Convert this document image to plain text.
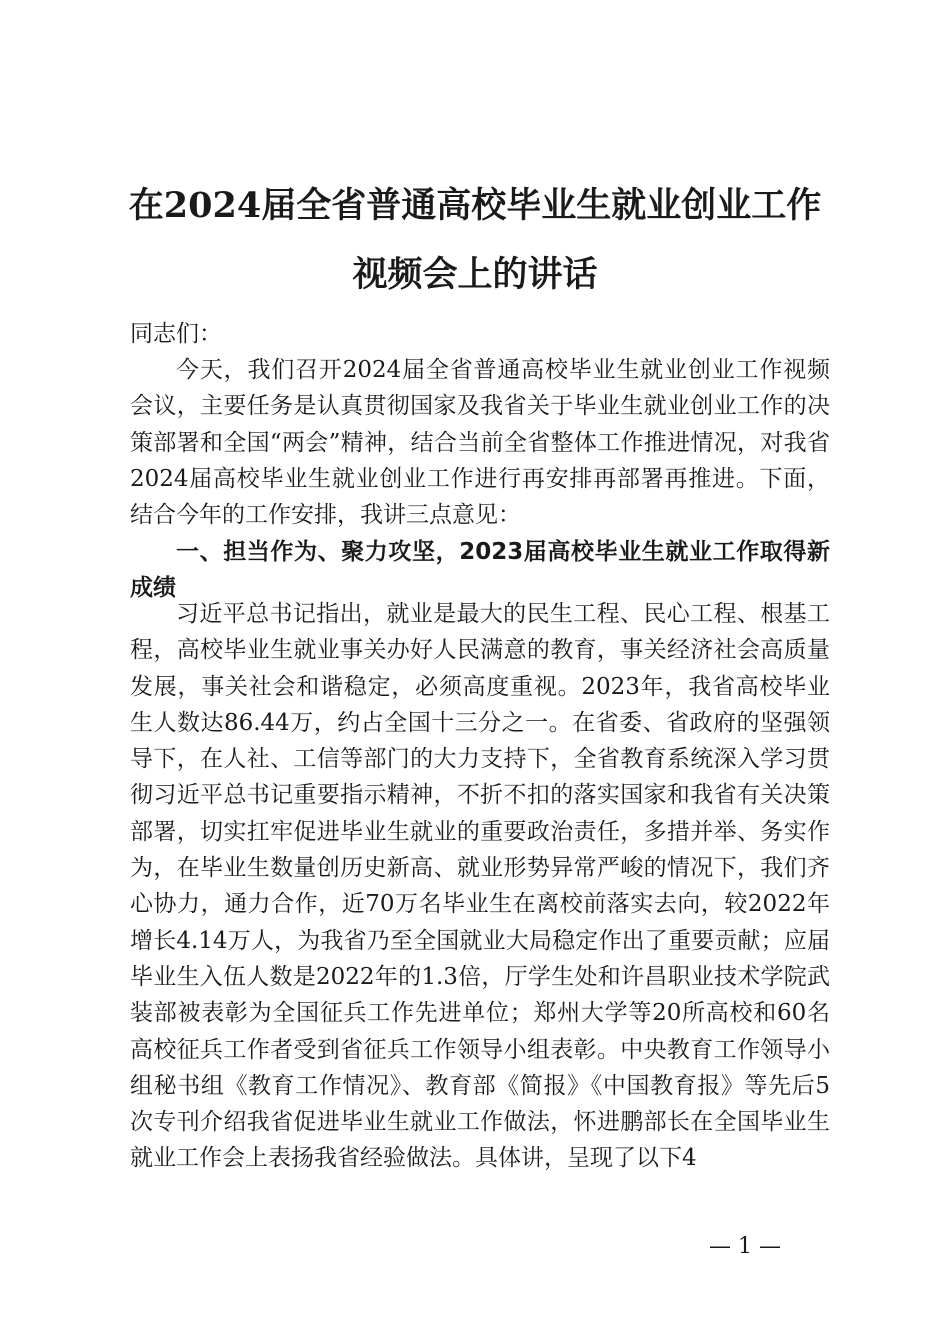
在2024届全省普通高校毕业生就业创业工作
视频会上的讲话

同志们：

今天，我们召开2024届全省普通高校毕业生就业创业工作视频会议，主要任务是认真贯彻国家及我省关于毕业生就业创业工作的决策部署和全国“两会”精神，结合当前全省整体工作推进情况，对我省2024届高校毕业生就业创业工作进行再安排再部署再推进。下面，结合今年的工作安排，我讲三点意见：

一、担当作为、聚力攻坚，2023届高校毕业生就业工作取得新成绩

习近平总书记指出，就业是最大的民生工程、民心工程、根基工程，高校毕业生就业事关办好人民满意的教育，事关经济社会高质量发展，事关社会和谐稳定，必须高度重视。2023年，我省高校毕业生人数达86.44万，约占全国十三分之一。在省委、省政府的坚强领导下，在人社、工信等部门的大力支持下，全省教育系统深入学习贯彻习近平总书记重要指示精神，不折不扣的落实国家和我省有关决策部署，切实扛牢促进毕业生就业的重要政治责任，多措并举、务实作为，在毕业生数量创历史新高、就业形势异常严峻的情况下，我们齐心协力，通力合作，近70万名毕业生在离校前落实去向，较2022年增长4.14万人，为我省乃至全国就业大局稳定作出了重要贡献；应届毕业生入伍人数是2022年的1.3倍，厅学生处和许昌职业技术学院武装部被表彰为全国征兵工作先进单位；郑州大学等20所高校和60名高校征兵工作者受到省征兵工作领导小组表彰。中央教育工作领导小组秘书组《教育工作情况》、教育部《简报》《中国教育报》等先后5次专刊介绍我省促进毕业生就业工作做法，怀进鹏部长在全国毕业生就业工作会上表扬我省经验做法。具体讲，呈现了以下4

— 1 —
